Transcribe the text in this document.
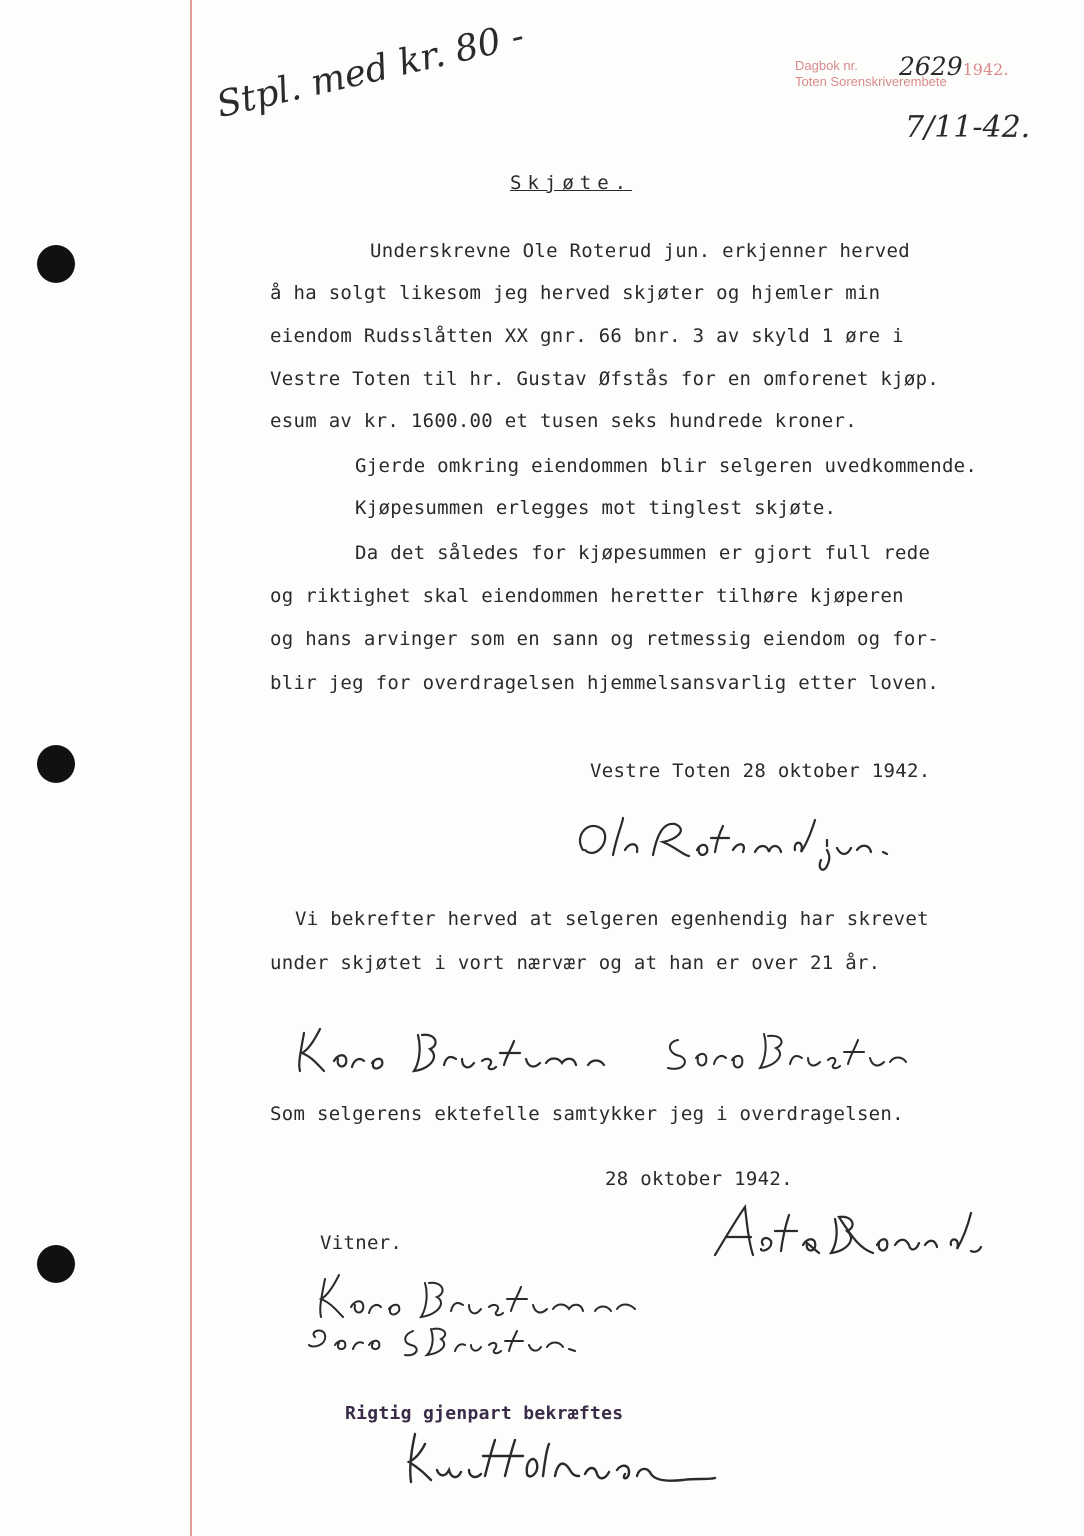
Dagbok nr.
Toten Sorenskriverembete
26291942.
Stpl. med kr. 80 -
7/11-42.
Skjøte.
Underskrevne Ole Roterud jun. erkjenner herved
å ha solgt likesom jeg herved skjøter og hjemler min
eiendom Rudsslåtten XX gnr. 66 bnr. 3 av skyld 1 øre i
Vestre Toten til hr. Gustav Øfstås for en omforenet kjøp.
esum av kr. 1600.00 et tusen seks hundrede kroner.
Gjerde omkring eiendommen blir selgeren uvedkommende.
Kjøpesummen erlegges mot tinglest skjøte.
Da det således for kjøpesummen er gjort full rede
og riktighet skal eiendommen heretter tilhøre kjøperen
og hans arvinger som en sann og retmessig eiendom og for-
blir jeg for overdragelsen hjemmelsansvarlig etter loven.
Vestre Toten 28 oktober 1942.
Vi bekrefter herved at selgeren egenhendig har skrevet
under skjøtet i vort nærvær og at han er over 21 år.
Som selgerens ektefelle samtykker jeg i overdragelsen.
28 oktober 1942.
Vitner.
Rigtig gjenpart bekræftes
